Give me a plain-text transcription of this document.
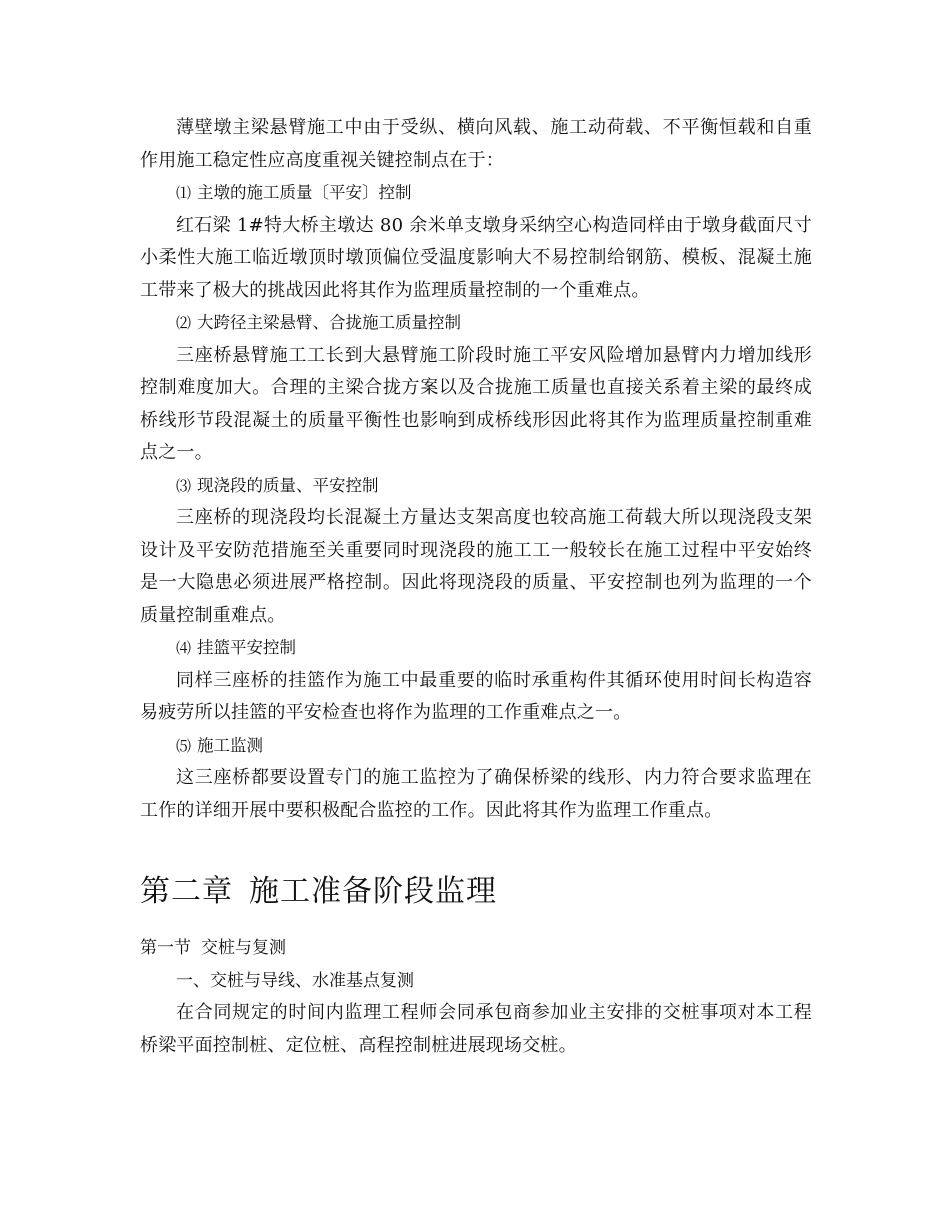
薄壁墩主梁悬臂施工中由于受纵、横向风载、施工动荷载、不平衡恒载和自重作用施工稳定性应高度重视关键控制点在于：

⑴ 主墩的施工质量〔平安〕控制

红石梁 1#特大桥主墩达 80 余米单支墩身采纳空心构造同样由于墩身截面尺寸小柔性大施工临近墩顶时墩顶偏位受温度影响大不易控制给钢筋、模板、混凝土施工带来了极大的挑战因此将其作为监理质量控制的一个重难点。

⑵ 大跨径主梁悬臂、合拢施工质量控制

三座桥悬臂施工工长到大悬臂施工阶段时施工平安风险增加悬臂内力增加线形控制难度加大。合理的主梁合拢方案以及合拢施工质量也直接关系着主梁的最终成桥线形节段混凝土的质量平衡性也影响到成桥线形因此将其作为监理质量控制重难点之一。

⑶ 现浇段的质量、平安控制

三座桥的现浇段均长混凝土方量达支架高度也较高施工荷载大所以现浇段支架设计及平安防范措施至关重要同时现浇段的施工工一般较长在施工过程中平安始终是一大隐患必须进展严格控制。因此将现浇段的质量、平安控制也列为监理的一个质量控制重难点。

⑷ 挂篮平安控制

同样三座桥的挂篮作为施工中最重要的临时承重构件其循环使用时间长构造容易疲劳所以挂篮的平安检查也将作为监理的工作重难点之一。

⑸ 施工监测

这三座桥都要设置专门的施工监控为了确保桥梁的线形、内力符合要求监理在工作的详细开展中要积极配合监控的工作。因此将其作为监理工作重点。

第二章 施工准备阶段监理

第一节 交桩与复测

一、交桩与导线、水准基点复测

在合同规定的时间内监理工程师会同承包商参加业主安排的交桩事项对本工程桥梁平面控制桩、定位桩、高程控制桩进展现场交桩。
